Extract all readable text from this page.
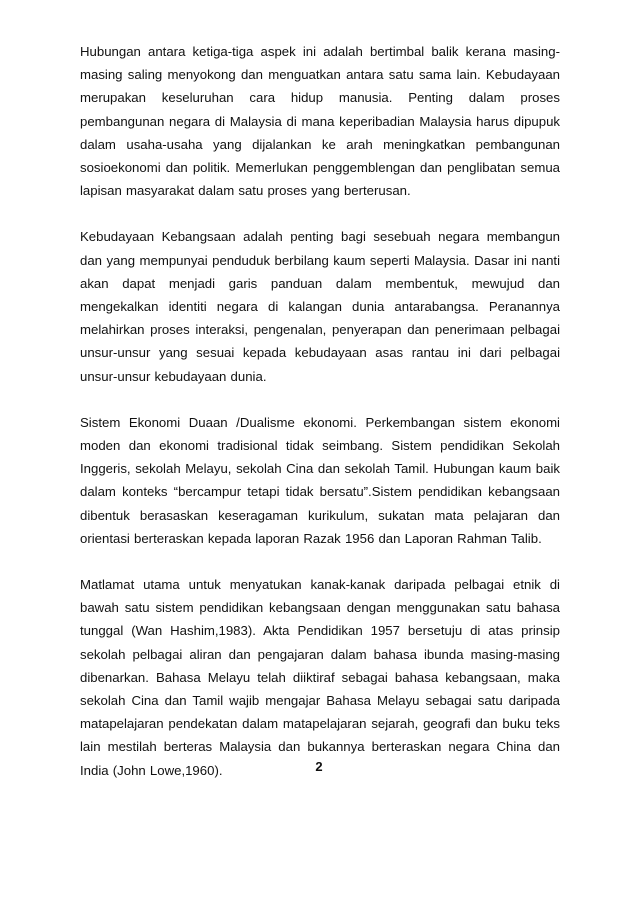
Hubungan antara ketiga-tiga aspek ini adalah bertimbal balik kerana masing-masing saling menyokong dan menguatkan antara satu sama lain. Kebudayaan merupakan keseluruhan cara hidup manusia. Penting dalam proses pembangunan negara di Malaysia di mana keperibadian Malaysia harus dipupuk dalam usaha-usaha yang dijalankan ke arah meningkatkan pembangunan sosioekonomi dan politik. Memerlukan penggemblengan dan penglibatan semua lapisan masyarakat dalam satu proses yang berterusan.

Kebudayaan Kebangsaan adalah penting bagi sesebuah negara membangun dan yang mempunyai penduduk berbilang kaum seperti Malaysia. Dasar ini nanti akan dapat menjadi garis panduan dalam membentuk, mewujud dan mengekalkan identiti negara di kalangan dunia antarabangsa. Peranannya melahirkan proses interaksi, pengenalan, penyerapan dan penerimaan pelbagai unsur-unsur yang sesuai kepada kebudayaan asas rantau ini dari pelbagai unsur-unsur kebudayaan dunia.

Sistem Ekonomi Duaan /Dualisme ekonomi. Perkembangan sistem ekonomi moden dan ekonomi tradisional tidak seimbang. Sistem pendidikan Sekolah Inggeris, sekolah Melayu, sekolah Cina dan sekolah Tamil. Hubungan kaum baik dalam konteks “bercampur tetapi tidak bersatu”.Sistem pendidikan kebangsaan dibentuk berasaskan keseragaman kurikulum, sukatan mata pelajaran dan orientasi berteraskan kepada laporan Razak 1956 dan Laporan Rahman Talib.

Matlamat utama untuk menyatukan kanak-kanak daripada pelbagai etnik di bawah satu sistem pendidikan kebangsaan dengan menggunakan satu bahasa tunggal (Wan Hashim,1983). Akta Pendidikan 1957 bersetuju di atas prinsip sekolah pelbagai aliran dan pengajaran dalam bahasa ibunda masing-masing dibenarkan. Bahasa Melayu telah diiktiraf sebagai bahasa kebangsaan, maka sekolah Cina dan Tamil wajib mengajar Bahasa Melayu sebagai satu daripada matapelajaran pendekatan dalam matapelajaran sejarah, geografi dan buku teks lain mestilah berteras Malaysia dan bukannya berteraskan negara China dan India (John Lowe,1960).	2
